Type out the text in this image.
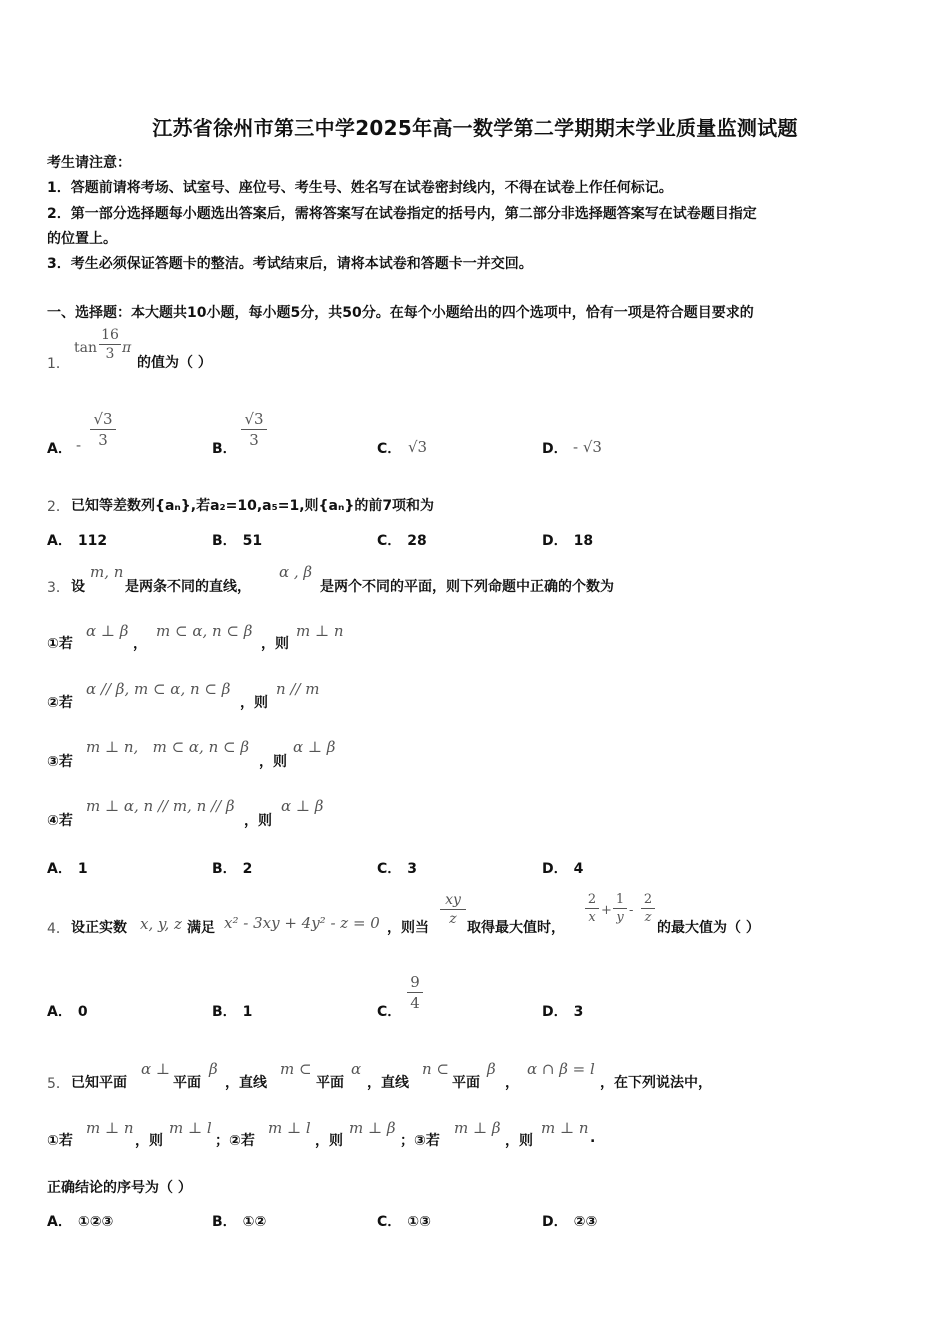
江苏省徐州市第三中学2025年高一数学第二学期期末学业质量监测试题
考生请注意：
1．答题前请将考场、试室号、座位号、考生号、姓名写在试卷密封线内，不得在试卷上作任何标记。
2．第一部分选择题每小题选出答案后，需将答案写在试卷指定的括号内，第二部分非选择题答案写在试卷题目指定
的位置上。
3．考生必须保证答题卡的整洁。考试结束后，请将本试卷和答题卡一并交回。
一、选择题：本大题共10小题，每小题5分，共50分。在每个小题给出的四个选项中，恰有一项是符合题目要求的
1．
tan
16
3 π
的值为（ ）
A． -
√3
3	B．
√3
3	C． √3	D． - √3
2． 已知等差数列{aₙ},若a₂=10,a₅=1,则{aₙ}的前7项和为
A． 112	B． 51	C． 28	D． 18
3． 设
m, n
是两条不同的直线，
α , β
是两个不同的平面，则下列命题中正确的个数为
①若
α ⊥ β
，
m ⊂ α, n ⊂ β
，则
m ⊥ n
②若
α // β, m ⊂ α, n ⊂ β
，则
n // m
③若
m ⊥ n,   m ⊂ α, n ⊂ β
，则
α ⊥ β
④若
m ⊥ α, n // m, n // β
，则
α ⊥ β
A． 1	B． 2	C． 3	D． 4
4． 设正实数 x, y, z 满足 x² - 3xy + 4y² - z = 0 ，则当
xy
z
取得最大值时，
2
x +
1
y -
2
z
的最大值为（ ）
A． 0	B． 1	C．
9
4	D． 3
5． 已知平面
α ⊥
平面
β
，直线
m ⊂
平面
α
，直线
n ⊂
平面
β
，
α ∩ β = l
，在下列说法中，
①若
m ⊥ n
，则
m ⊥ l
；②若
m ⊥ l
，则
m ⊥ β
；③若
m ⊥ β
，则
m ⊥ n
.
正确结论的序号为（ ）
A． ①②③	B． ①②	C． ①③	D． ②③
